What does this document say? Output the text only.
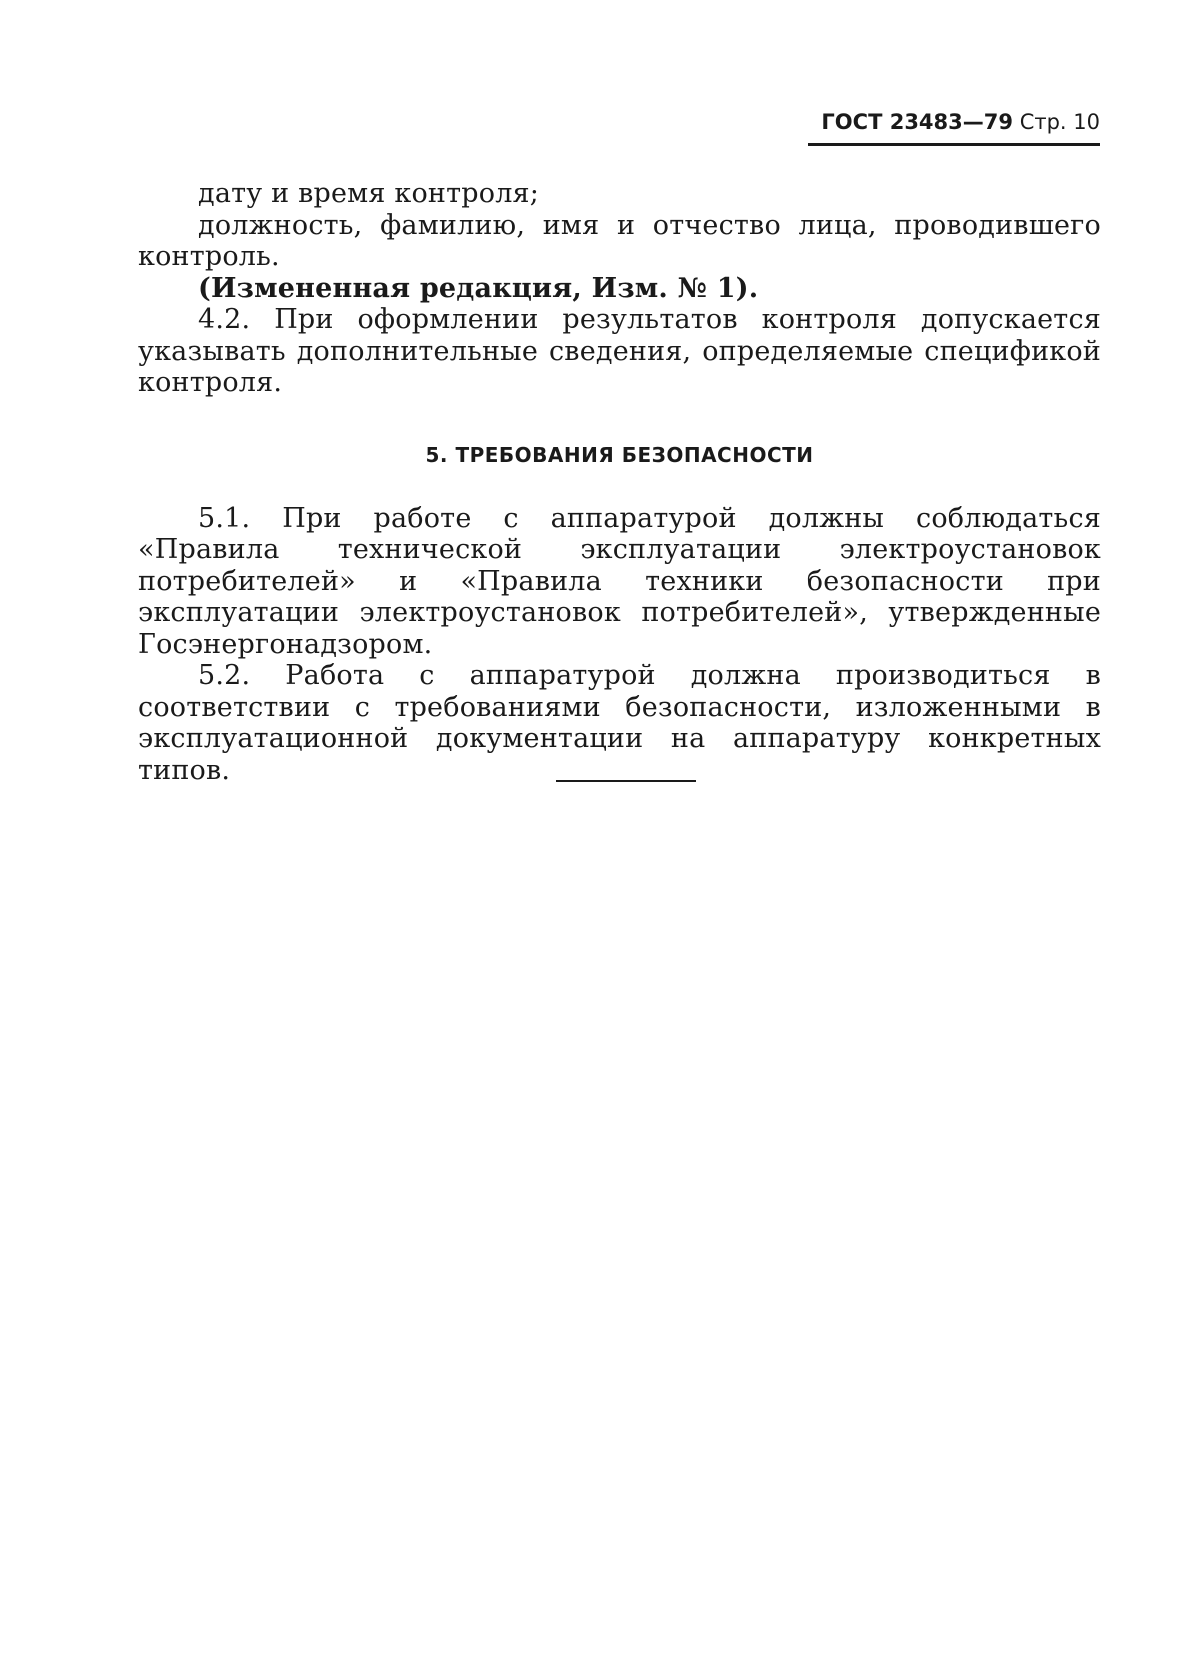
ГОСТ 23483—79 Стр. 10

дату и время контроля;

должность, фамилию, имя и отчество лица, проводившего контроль.

(Измененная редакция, Изм. № 1).

4.2. При оформлении результатов контроля допускается указывать дополнительные сведения, определяемые спецификой контроля.

5. ТРЕБОВАНИЯ БЕЗОПАСНОСТИ

5.1. При работе с аппаратурой должны соблюдаться «Правила технической эксплуатации электроустановок потребителей» и «Правила техники безопасности при эксплуатации электроустановок потребителей», утвержденные Госэнергонадзором.

5.2. Работа с аппаратурой должна производиться в соответствии с требованиями безопасности, изложенными в эксплуатационной документации на аппаратуру конкретных типов.
